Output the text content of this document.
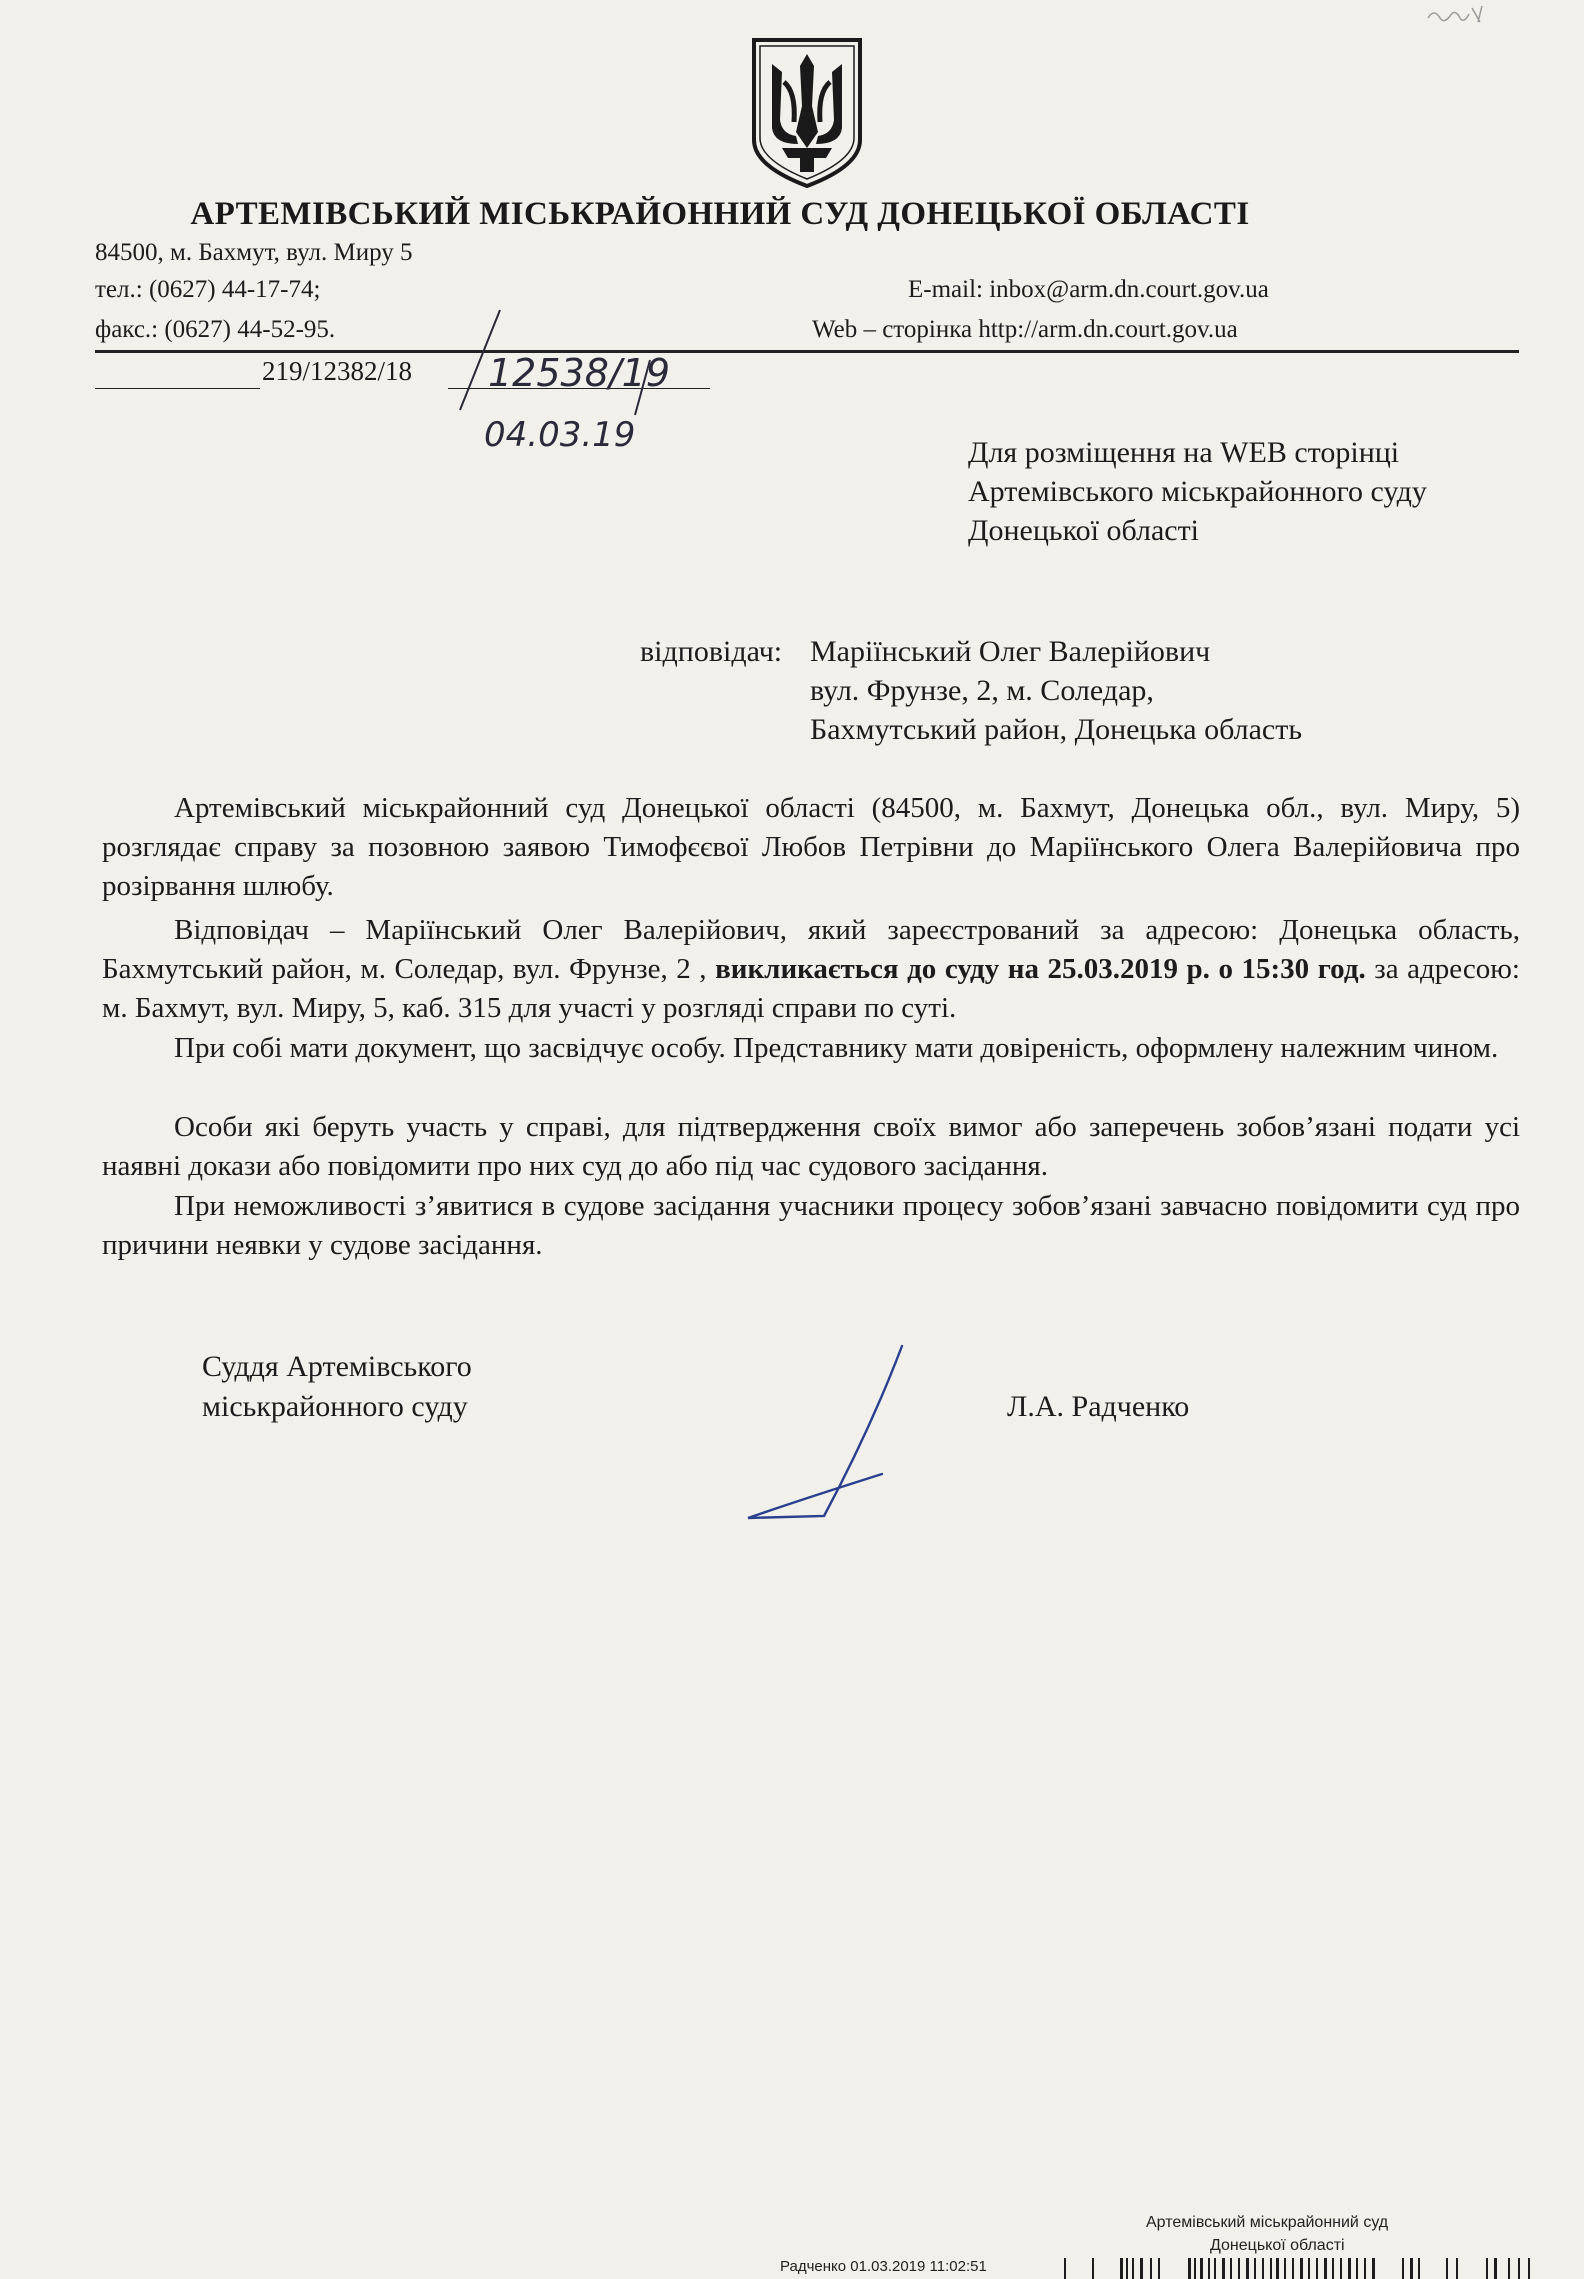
АРТЕМІВСЬКИЙ МІСЬКРАЙОННИЙ СУД ДОНЕЦЬКОЇ ОБЛАСТІ
84500, м. Бахмут, вул. Миру 5
тел.: (0627) 44-17-74;
факс.: (0627) 44-52-95.
E-mail: inbox@arm.dn.court.gov.ua
Web – сторінка http://arm.dn.court.gov.ua
219/12382/18 12538/19
04.03.19	Для розміщення на WEB сторінці
Артемівського міськрайонного суду
Донецької області
відповідач: Маріїнський Олег Валерійович
вул. Фрунзе, 2, м. Соледар,
Бахмутський район, Донецька область

Артемівський міськрайонний суд Донецької області (84500, м. Бахмут, Донецька обл., вул. Миру, 5) розглядає справу за позовною заявою Тимофєєвої Любов Петрівни до Маріїнського Олега Валерійовича про розірвання шлюбу.

Відповідач – Маріїнський Олег Валерійович, який зареєстрований за адресою: Донецька область, Бахмутський район, м. Соледар, вул. Фрунзе, 2 , викликається до суду на 25.03.2019 р. о 15:30 год. за адресою: м. Бахмут, вул. Миру, 5, каб. 315 для участі у розгляді справи по суті.

При собі мати документ, що засвідчує особу. Представнику мати довіреність, оформлену належним чином.

Особи які беруть участь у справі, для підтвердження своїх вимог або заперечень зобов’язані подати усі наявні докази або повідомити про них суд до або під час судового засідання.

При неможливості з’явитися в судове засідання учасники процесу зобов’язані завчасно повідомити суд про причини неявки у судове засідання.

Суддя Артемівського
міськрайонного суду	Л.А. Радченко
Артемівський міськрайонний суд
Донецької області
Радченко 01.03.2019 11:02:51
